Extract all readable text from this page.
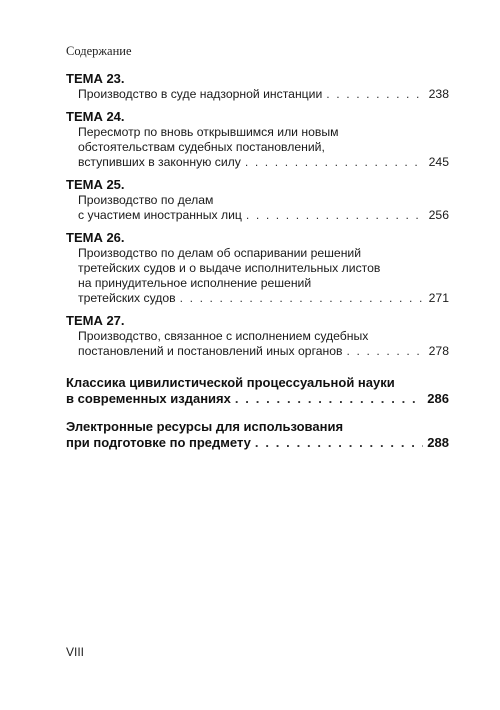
Содержание
ТЕМА 23.
Производство в суде надзорной инстанции . . .	238
ТЕМА 24.
Пересмотр по вновь открывшимся или новым
обстоятельствам судебных постановлений,
вступивших в законную силу . . .	245
ТЕМА 25.
Производство по делам
с участием иностранных лиц . . .	256
ТЕМА 26.
Производство по делам об оспаривании решений
третейских судов и о выдаче исполнительных листов
на принудительное исполнение решений
третейских судов . . .	271
ТЕМА 27.
Производство, связанное с исполнением судебных
постановлений и постановлений иных органов . . .	278
Классика цивилистической процессуальной науки
в современных изданиях . . .	286
Электронные ресурсы для использования
при подготовке по предмету . . .	288
VIII
